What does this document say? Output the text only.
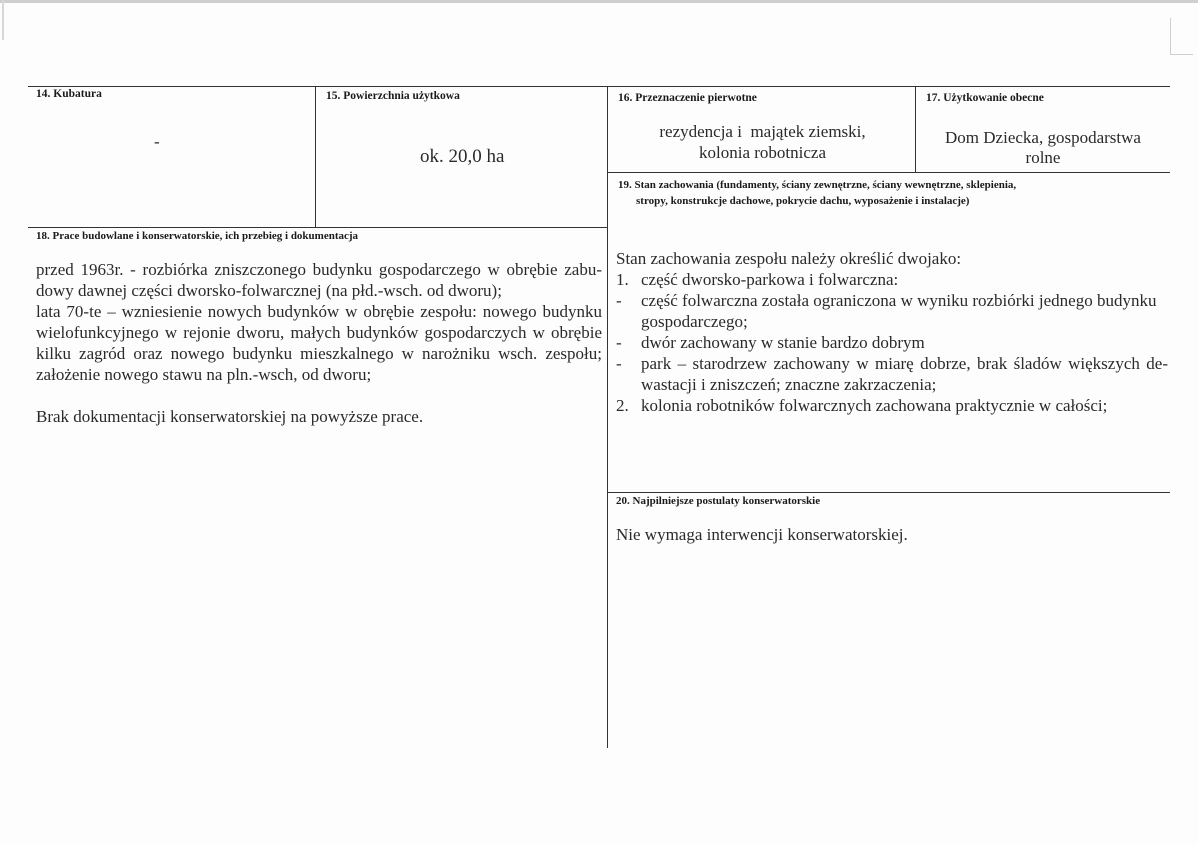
14. Kubatura
-
15. Powierzchnia użytkowa
ok. 20,0 ha
16. Przeznaczenie pierwotne
rezydencja i  majątek ziemski,
kolonia robotnicza
17. Użytkowanie obecne
Dom Dziecka, gospodarstwa
rolne
19. Stan zachowania (fundamenty, ściany zewnętrzne, ściany wewnętrzne, sklepienia,
stropy, konstrukcje dachowe, pokrycie dachu, wyposażenie i instalacje)
18. Prace budowlane i konserwatorskie, ich przebieg i dokumentacja

przed 1963r. - rozbiórka zniszczonego budynku gospodarczego w obrębie zabu-dowy dawnej części dworsko-folwarcznej (na płd.-wsch. od dworu);

lata 70-te – wzniesienie nowych budynków w obrębie zespołu: nowego budynku wielofunkcyjnego w rejonie dworu, małych budynków gospodarczych w obrębie kilku zagród oraz nowego budynku mieszkalnego w narożniku wsch. zespołu; założenie nowego stawu na pln.-wsch, od dworu;

Brak dokumentacji konserwatorskiej na powyższe prace.

Stan zachowania zespołu należy określić dwojako:

1. część dworsko-parkowa i folwarczna:
- część folwarczna została ograniczona w wyniku rozbiórki jednego budynku gospodarczego;
- dwór zachowany w stanie bardzo dobrym
- park – starodrzew zachowany w miarę dobrze, brak śladów większych de-wastacji i zniszczeń; znaczne zakrzaczenia;
2. kolonia robotników folwarcznych zachowana praktycznie w całości;
20. Najpilniejsze postulaty konserwatorskie
Nie wymaga interwencji konserwatorskiej.
